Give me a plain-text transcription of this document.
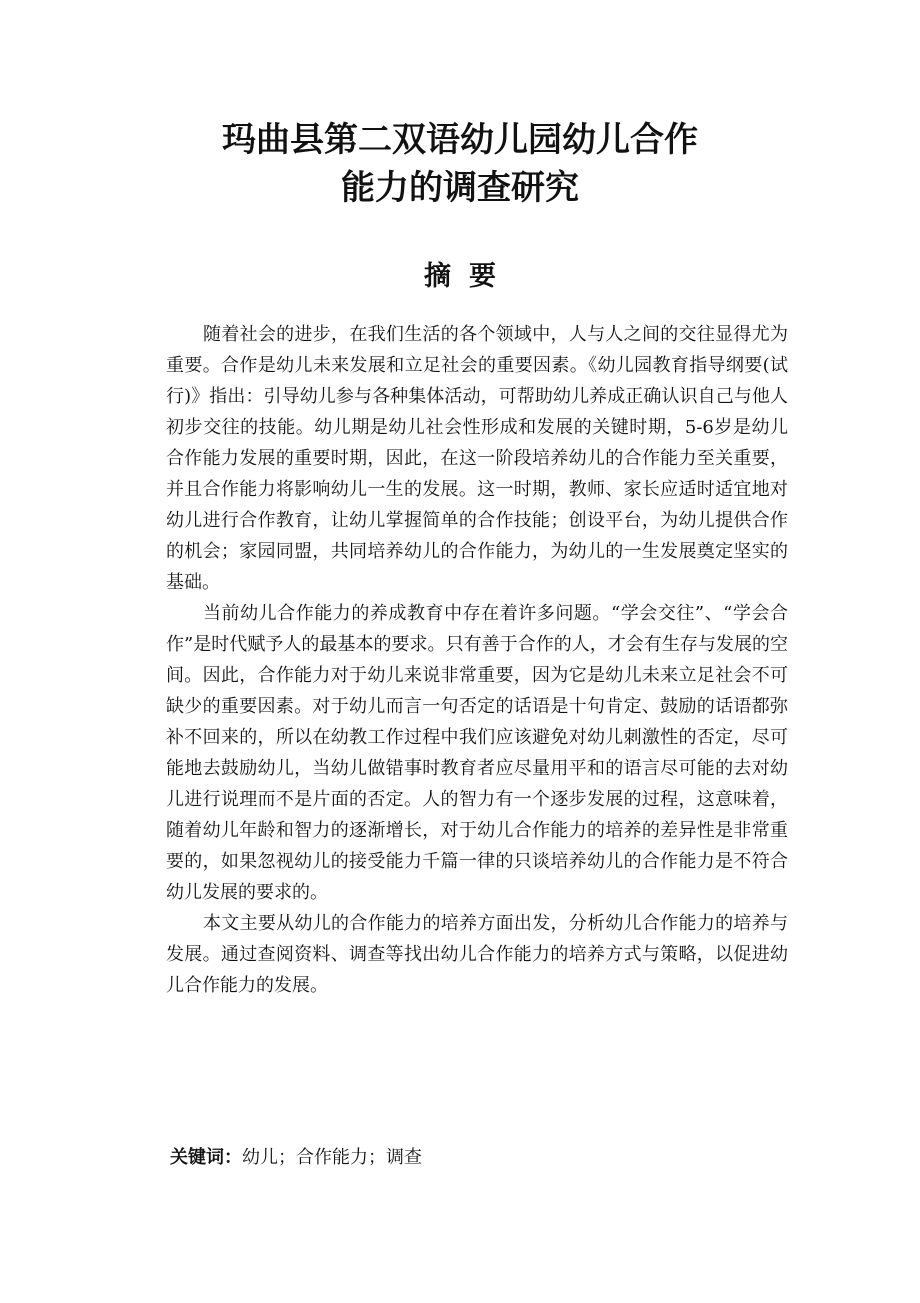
玛曲县第二双语幼儿园幼儿合作
能力的调查研究
摘要

随着社会的进步，在我们生活的各个领域中，人与人之间的交往显得尤为重要。合作是幼儿未来发展和立足社会的重要因素。《幼儿园教育指导纲要(试行)》指出：引导幼儿参与各种集体活动，可帮助幼儿养成正确认识自己与他人初步交往的技能。幼儿期是幼儿社会性形成和发展的关键时期，5-6岁是幼儿合作能力发展的重要时期，因此，在这一阶段培养幼儿的合作能力至关重要，并且合作能力将影响幼儿一生的发展。这一时期，教师、家长应适时适宜地对幼儿进行合作教育，让幼儿掌握简单的合作技能；创设平台，为幼儿提供合作的机会；家园同盟，共同培养幼儿的合作能力，为幼儿的一生发展奠定坚实的基础。

当前幼儿合作能力的养成教育中存在着许多问题。“学会交往”、“学会合作”是时代赋予人的最基本的要求。只有善于合作的人，才会有生存与发展的空间。因此，合作能力对于幼儿来说非常重要，因为它是幼儿未来立足社会不可缺少的重要因素。对于幼儿而言一句否定的话语是十句肯定、鼓励的话语都弥补不回来的，所以在幼教工作过程中我们应该避免对幼儿刺激性的否定，尽可能地去鼓励幼儿，当幼儿做错事时教育者应尽量用平和的语言尽可能的去对幼儿进行说理而不是片面的否定。人的智力有一个逐步发展的过程，这意味着，随着幼儿年龄和智力的逐渐增长，对于幼儿合作能力的培养的差异性是非常重要的，如果忽视幼儿的接受能力千篇一律的只谈培养幼儿的合作能力是不符合幼儿发展的要求的。

本文主要从幼儿的合作能力的培养方面出发，分析幼儿合作能力的培养与发展。通过查阅资料、调查等找出幼儿合作能力的培养方式与策略，以促进幼儿合作能力的发展。

关键词：幼儿；合作能力；调查
